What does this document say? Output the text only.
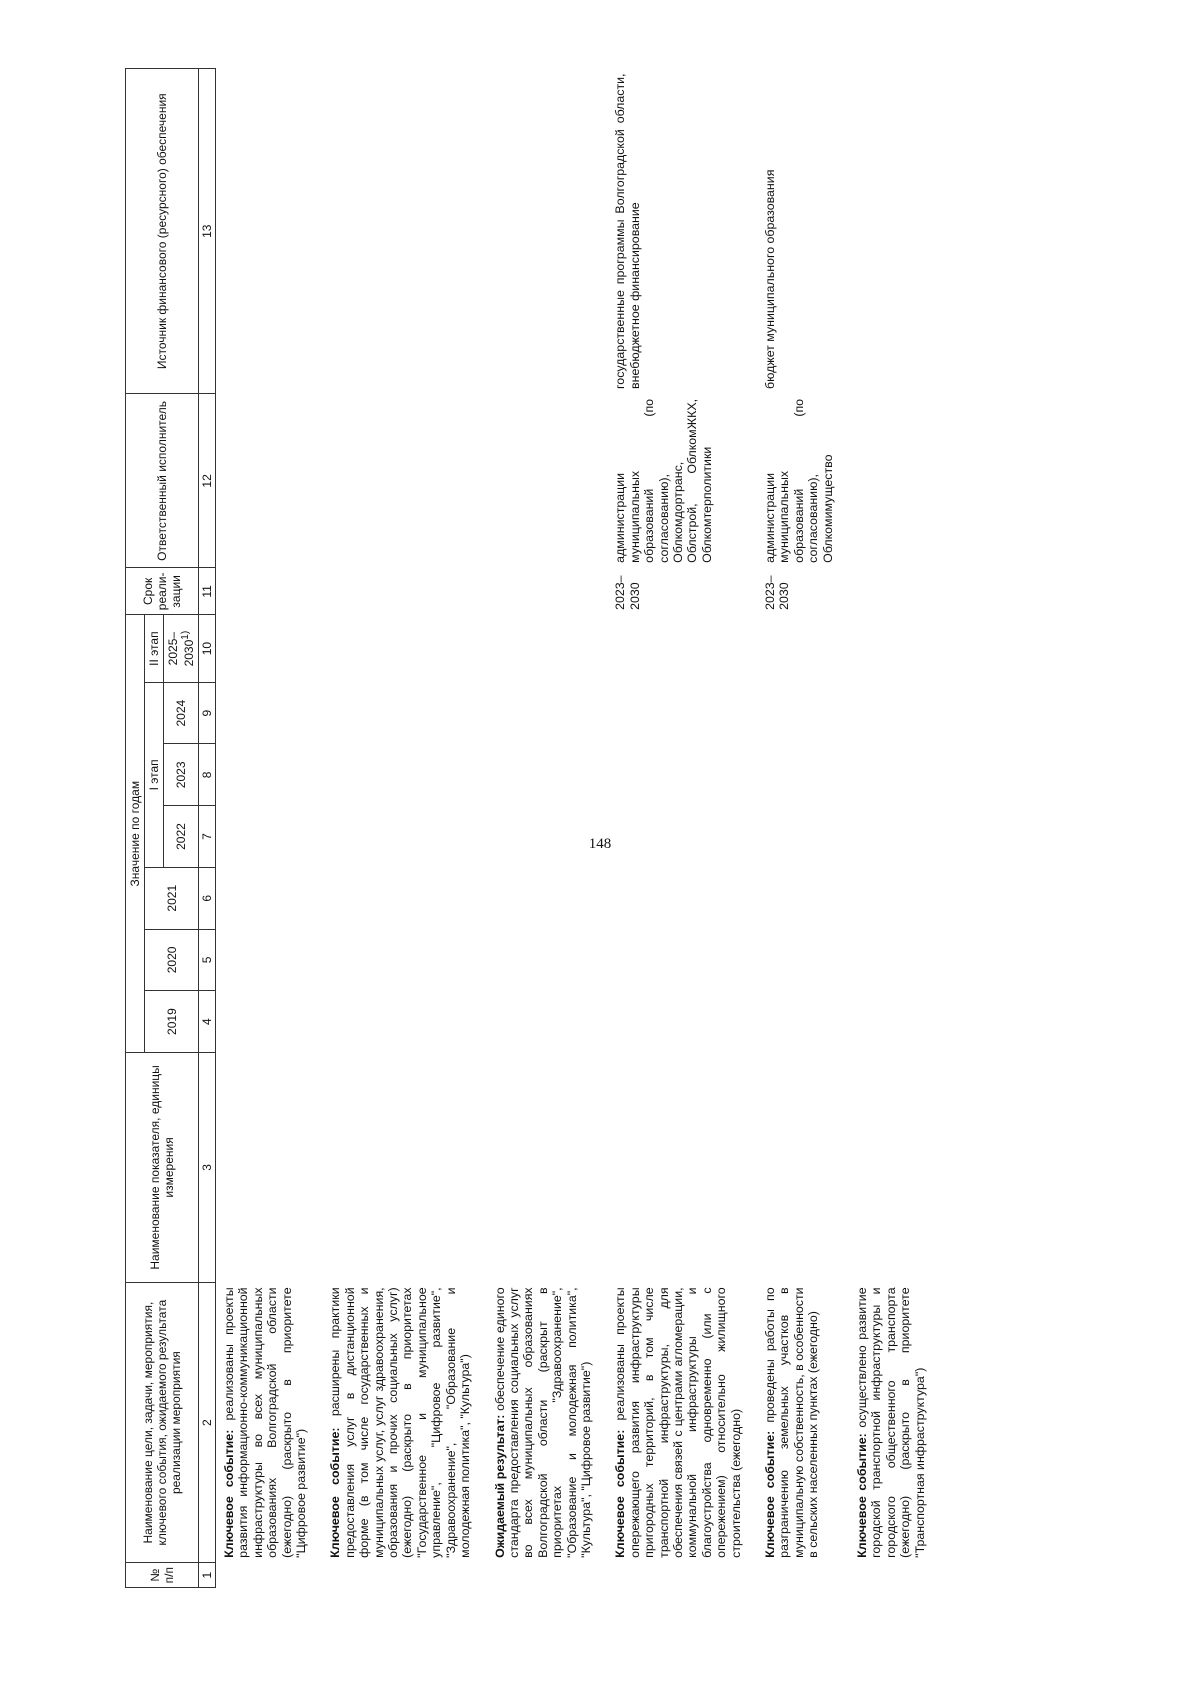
148
№ п/п	Наименование цели, задачи, мероприятия, ключевого события, ожидаемого результата реализации мероприятия	Наименование показателя, единицы измерения	Значение по годам							Срок реали-зации	Ответственный исполнитель	Источник финансового (ресурсного) обеспечения
			2019	2020	2021	I этап			II этап			
						2022	2023	2024	2025–2030$^{1)}$
1	2	3	4	5	6	7	8	9	10	11	12	13
	Ключевое событие: реализованы проекты развития информационно-коммуникационной инфраструктуры во всех муниципальных образованиях Волгоградской области (ежегодно) (раскрыто в приоритете "Цифровое развитие")											
	Ключевое событие: расширены практики предоставления услуг в дистанционной форме (в том числе государственных и муниципальных услуг, услуг здравоохранения, образования и прочих социальных услуг) (ежегодно) (раскрыто в приоритетах "Государственное и муниципальное управление", "Цифровое развитие", "Здравоохранение", "Образование и молодежная политика", "Культура")											
	Ожидаемый результат: обеспечение единого стандарта предоставления социальных услуг во всех муниципальных образованиях Волгоградской области (раскрыт в приоритетах "Здравоохранение", "Образование и молодежная политика", "Культура", "Цифровое развитие")											
	Ключевое событие: реализованы проекты опережающего развития инфраструктуры пригородных территорий, в том числе транспортной инфраструктуры, для обеспечения связей с центрами агломерации, коммунальной инфраструктуры и благоустройства одновременно (или с опережением) относительно жилищного строительства (ежегодно)									2023–2030	администрации муниципальных образований (по согласованию), Облкомдортранс, Облстрой, ОблкомЖКХ, Облкомтерполитики	государственные программы Волгоградской области, внебюджетное финансирование
	Ключевое событие: проведены работы по разграничению земельных участков в муниципальную собственность, в особенности в сельских населенных пунктах (ежегодно)									2023–2030	администрации муниципальных образований (по согласованию), Облкомимущество	бюджет муниципального образования
	Ключевое событие: осуществлено развитие городской транспортной инфраструктуры и городского общественного транспорта (ежегодно) (раскрыто в приоритете "Транспортная инфраструктура")											
